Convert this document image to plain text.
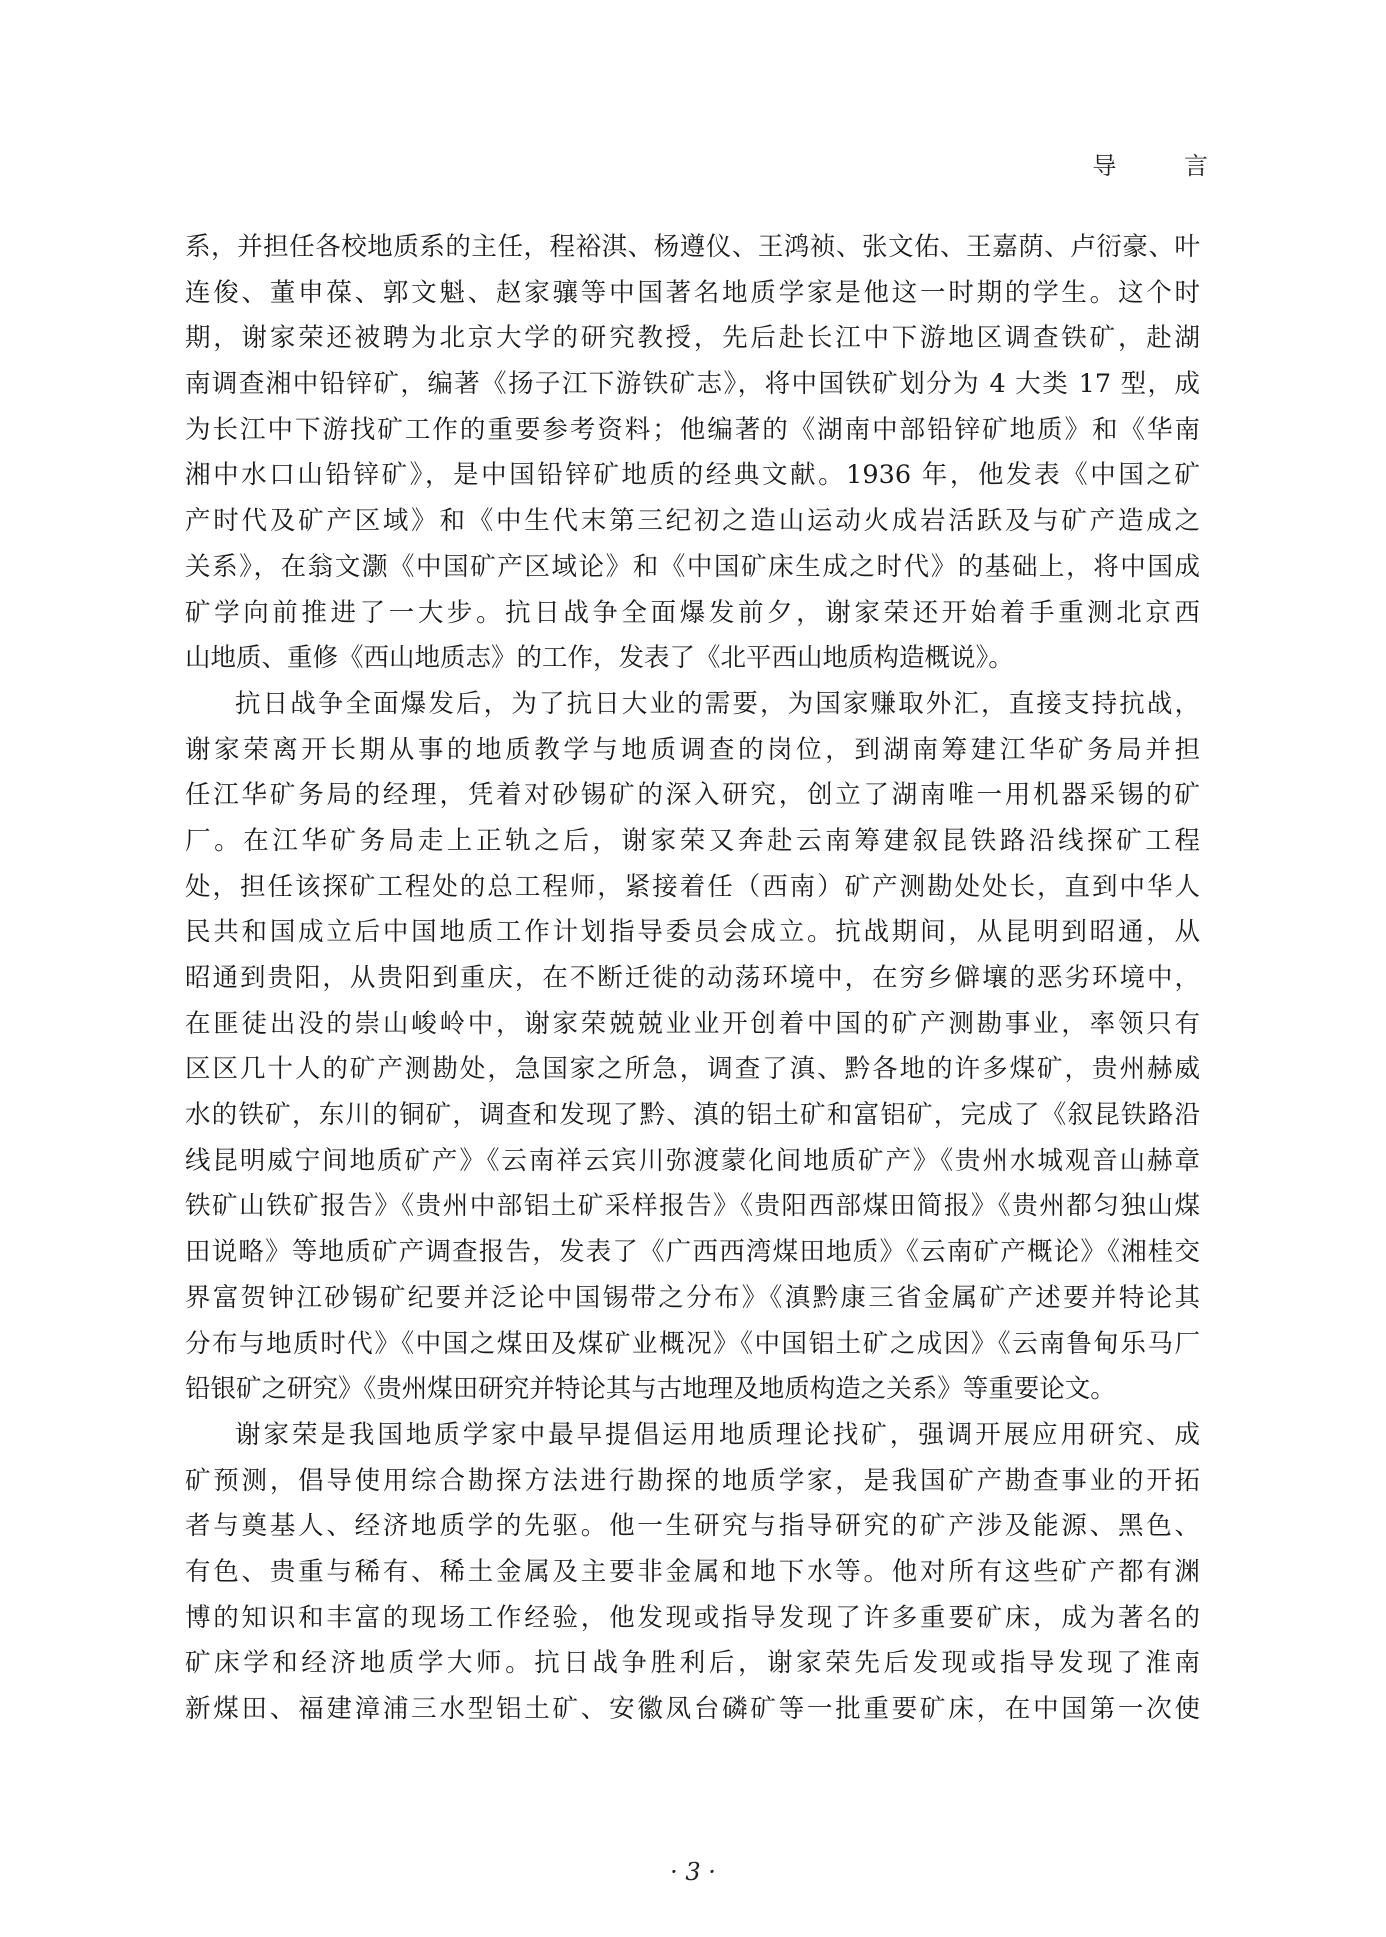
导 言
系，并担任各校地质系的主任，程裕淇、杨遵仪、王鸿祯、张文佑、王嘉荫、卢衍豪、叶
连俊、董申葆、郭文魁、赵家骧等中国著名地质学家是他这一时期的学生。这个时
期，谢家荣还被聘为北京大学的研究教授，先后赴长江中下游地区调查铁矿，赴湖
南调查湘中铅锌矿，编著《扬子江下游铁矿志》，将中国铁矿划分为 4 大类 17 型，成
为长江中下游找矿工作的重要参考资料；他编著的《湖南中部铅锌矿地质》和《华南
湘中水口山铅锌矿》，是中国铅锌矿地质的经典文献。1936 年，他发表《中国之矿
产时代及矿产区域》和《中生代末第三纪初之造山运动火成岩活跃及与矿产造成之
关系》，在翁文灏《中国矿产区域论》和《中国矿床生成之时代》的基础上，将中国成
矿学向前推进了一大步。抗日战争全面爆发前夕，谢家荣还开始着手重测北京西
山地质、重修《西山地质志》的工作，发表了《北平西山地质构造概说》。
抗日战争全面爆发后，为了抗日大业的需要，为国家赚取外汇，直接支持抗战，
谢家荣离开长期从事的地质教学与地质调查的岗位，到湖南筹建江华矿务局并担
任江华矿务局的经理，凭着对砂锡矿的深入研究，创立了湖南唯一用机器采锡的矿
厂。在江华矿务局走上正轨之后，谢家荣又奔赴云南筹建叙昆铁路沿线探矿工程
处，担任该探矿工程处的总工程师，紧接着任（西南）矿产测勘处处长，直到中华人
民共和国成立后中国地质工作计划指导委员会成立。抗战期间，从昆明到昭通，从
昭通到贵阳，从贵阳到重庆，在不断迁徙的动荡环境中，在穷乡僻壤的恶劣环境中，
在匪徒出没的崇山峻岭中，谢家荣兢兢业业开创着中国的矿产测勘事业，率领只有
区区几十人的矿产测勘处，急国家之所急，调查了滇、黔各地的许多煤矿，贵州赫威
水的铁矿，东川的铜矿，调查和发现了黔、滇的铝土矿和富铝矿，完成了《叙昆铁路沿
线昆明威宁间地质矿产》《云南祥云宾川弥渡蒙化间地质矿产》《贵州水城观音山赫章
铁矿山铁矿报告》《贵州中部铝土矿采样报告》《贵阳西部煤田简报》《贵州都匀独山煤
田说略》等地质矿产调查报告，发表了《广西西湾煤田地质》《云南矿产概论》《湘桂交
界富贺钟江砂锡矿纪要并泛论中国锡带之分布》《滇黔康三省金属矿产述要并特论其
分布与地质时代》《中国之煤田及煤矿业概况》《中国铝土矿之成因》《云南鲁甸乐马厂
铅银矿之研究》《贵州煤田研究并特论其与古地理及地质构造之关系》等重要论文。
谢家荣是我国地质学家中最早提倡运用地质理论找矿，强调开展应用研究、成
矿预测，倡导使用综合勘探方法进行勘探的地质学家，是我国矿产勘查事业的开拓
者与奠基人、经济地质学的先驱。他一生研究与指导研究的矿产涉及能源、黑色、
有色、贵重与稀有、稀土金属及主要非金属和地下水等。他对所有这些矿产都有渊
博的知识和丰富的现场工作经验，他发现或指导发现了许多重要矿床，成为著名的
矿床学和经济地质学大师。抗日战争胜利后，谢家荣先后发现或指导发现了淮南
新煤田、福建漳浦三水型铝土矿、安徽凤台磷矿等一批重要矿床，在中国第一次使
· 3 ·
